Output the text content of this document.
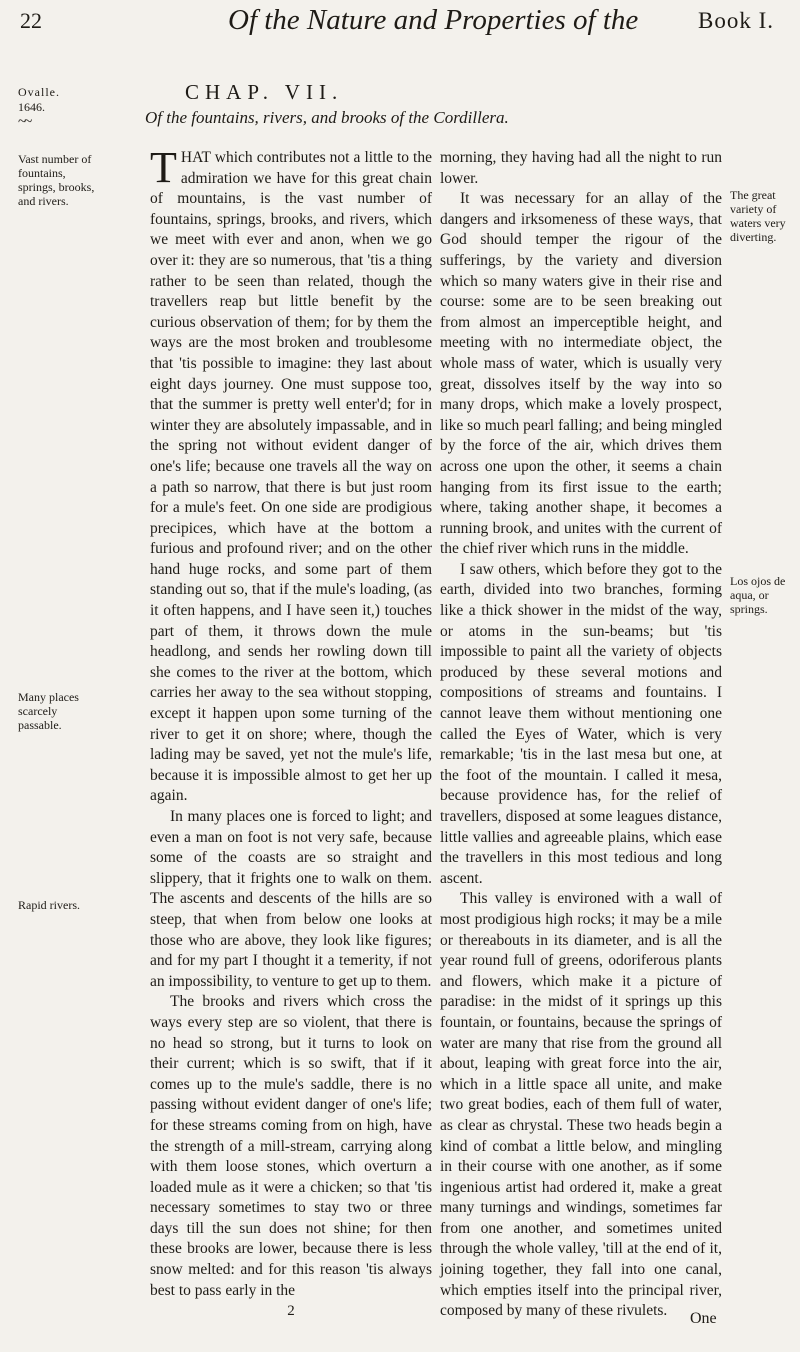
22	Of the Nature and Properties of the	Book I.
Ovalle.
1646.
~~
CHAP. VII.
Of the fountains, rivers, and brooks of the Cordillera.
Vast number of fountains, springs, brooks, and rivers.
Many places scarcely passable.
Rapid rivers.
The great variety of waters very diverting.
Los ojos de aqua, or springs.

THAT which contributes not a little to the admiration we have for this great chain of mountains, is the vast number of fountains, springs, brooks, and rivers, which we meet with ever and anon, when we go over it: they are so numerous, that 'tis a thing rather to be seen than related, though the travellers reap but little benefit by the curious observation of them; for by them the ways are the most broken and troublesome that 'tis possible to imagine: they last about eight days journey. One must suppose too, that the summer is pretty well enter'd; for in winter they are absolutely impassable, and in the spring not without evident danger of one's life; because one travels all the way on a path so narrow, that there is but just room for a mule's feet. On one side are prodigious precipices, which have at the bottom a furious and profound river; and on the other hand huge rocks, and some part of them standing out so, that if the mule's loading, (as it often happens, and I have seen it,) touches part of them, it throws down the mule headlong, and sends her rowling down till she comes to the river at the bottom, which carries her away to the sea without stopping, except it happen upon some turning of the river to get it on shore; where, though the lading may be saved, yet not the mule's life, because it is impossible almost to get her up again.

In many places one is forced to light; and even a man on foot is not very safe, because some of the coasts are so straight and slippery, that it frights one to walk on them. The ascents and descents of the hills are so steep, that when from below one looks at those who are above, they look like figures; and for my part I thought it a temerity, if not an impossibility, to venture to get up to them.

The brooks and rivers which cross the ways every step are so violent, that there is no head so strong, but it turns to look on their current; which is so swift, that if it comes up to the mule's saddle, there is no passing without evident danger of one's life; for these streams coming from on high, have the strength of a mill-stream, carrying along with them loose stones, which overturn a loaded mule as it were a chicken; so that 'tis necessary sometimes to stay two or three days till the sun does not shine; for then these brooks are lower, because there is less snow melted: and for this reason 'tis always best to pass early in the

2

morning, they having had all the night to run lower.

It was necessary for an allay of the dangers and irksomeness of these ways, that God should temper the rigour of the sufferings, by the variety and diversion which so many waters give in their rise and course: some are to be seen breaking out from almost an imperceptible height, and meeting with no intermediate object, the whole mass of water, which is usually very great, dissolves itself by the way into so many drops, which make a lovely prospect, like so much pearl falling; and being mingled by the force of the air, which drives them across one upon the other, it seems a chain hanging from its first issue to the earth; where, taking another shape, it becomes a running brook, and unites with the current of the chief river which runs in the middle.

I saw others, which before they got to the earth, divided into two branches, forming like a thick shower in the midst of the way, or atoms in the sun-beams; but 'tis impossible to paint all the variety of objects produced by these several motions and compositions of streams and fountains. I cannot leave them without mentioning one called the Eyes of Water, which is very remarkable; 'tis in the last mesa but one, at the foot of the mountain. I called it mesa, because providence has, for the relief of travellers, disposed at some leagues distance, little vallies and agreeable plains, which ease the travellers in this most tedious and long ascent.

This valley is environed with a wall of most prodigious high rocks; it may be a mile or thereabouts in its diameter, and is all the year round full of greens, odoriferous plants and flowers, which make it a picture of paradise: in the midst of it springs up this fountain, or fountains, because the springs of water are many that rise from the ground all about, leaping with great force into the air, which in a little space all unite, and make two great bodies, each of them full of water, as clear as chrystal. These two heads begin a kind of combat a little below, and mingling in their course with one another, as if some ingenious artist had ordered it, make a great many turnings and windings, sometimes far from one another, and sometimes united through the whole valley, 'till at the end of it, joining together, they fall into one canal, which empties itself into the principal river, composed by many of these rivulets.	One
